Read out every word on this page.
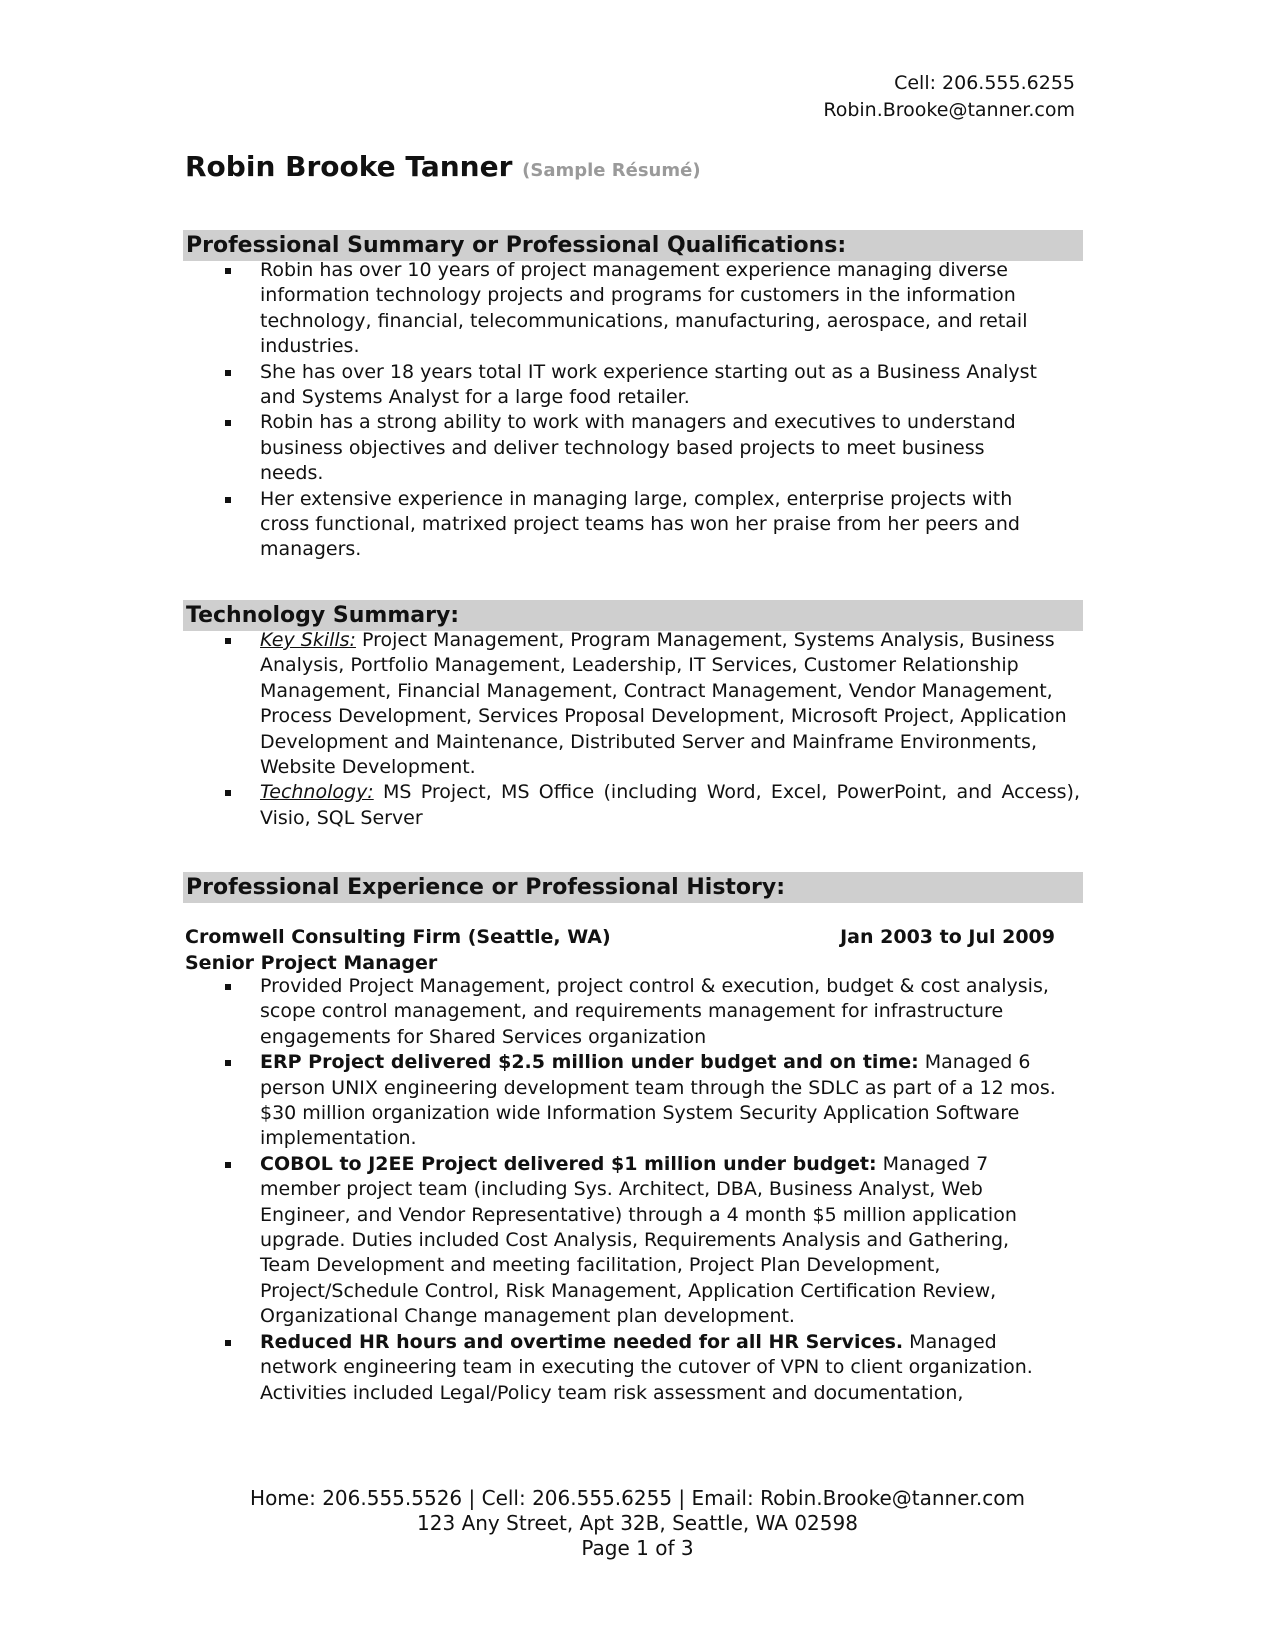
Cell: 206.555.6255
Robin.Brooke@tanner.com
Robin Brooke Tanner (Sample Résumé)
Professional Summary or Professional Qualifications:
Robin has over 10 years of project management experience managing diverse information technology projects and programs for customers in the information technology, financial, telecommunications, manufacturing, aerospace, and retail industries.
She has over 18 years total IT work experience starting out as a Business Analyst and Systems Analyst for a large food retailer.
Robin has a strong ability to work with managers and executives to understand business objectives and deliver technology based projects to meet business needs.
Her extensive experience in managing large, complex, enterprise projects with cross functional, matrixed project teams has won her praise from her peers and managers.
Technology Summary:
Key Skills: Project Management, Program Management, Systems Analysis, Business Analysis, Portfolio Management, Leadership, IT Services, Customer Relationship Management, Financial Management, Contract Management, Vendor Management, Process Development, Services Proposal Development, Microsoft Project, Application Development and Maintenance, Distributed Server and Mainframe Environments, Website Development.
Technology: MS Project, MS Office (including Word, Excel, PowerPoint, and Access), Visio, SQL Server
Professional Experience or Professional History:
Cromwell Consulting Firm (Seattle, WA)	Jan 2003 to Jul 2009
Senior Project Manager
Provided Project Management, project control & execution, budget & cost analysis, scope control management, and requirements management for infrastructure engagements for Shared Services organization
ERP Project delivered $2.5 million under budget and on time: Managed 6 person UNIX engineering development team through the SDLC as part of a 12 mos. $30 million organization wide Information System Security Application Software implementation.
COBOL to J2EE Project delivered $1 million under budget: Managed 7 member project team (including Sys. Architect, DBA, Business Analyst, Web Engineer, and Vendor Representative) through a 4 month $5 million application upgrade. Duties included Cost Analysis, Requirements Analysis and Gathering, Team Development and meeting facilitation, Project Plan Development, Project/Schedule Control, Risk Management, Application Certification Review, Organizational Change management plan development.
Reduced HR hours and overtime needed for all HR Services. Managed network engineering team in executing the cutover of VPN to client organization. Activities included Legal/Policy team risk assessment and documentation,
Home: 206.555.5526 | Cell: 206.555.6255 | Email: Robin.Brooke@tanner.com
123 Any Street, Apt 32B, Seattle, WA 02598
Page 1 of 3
